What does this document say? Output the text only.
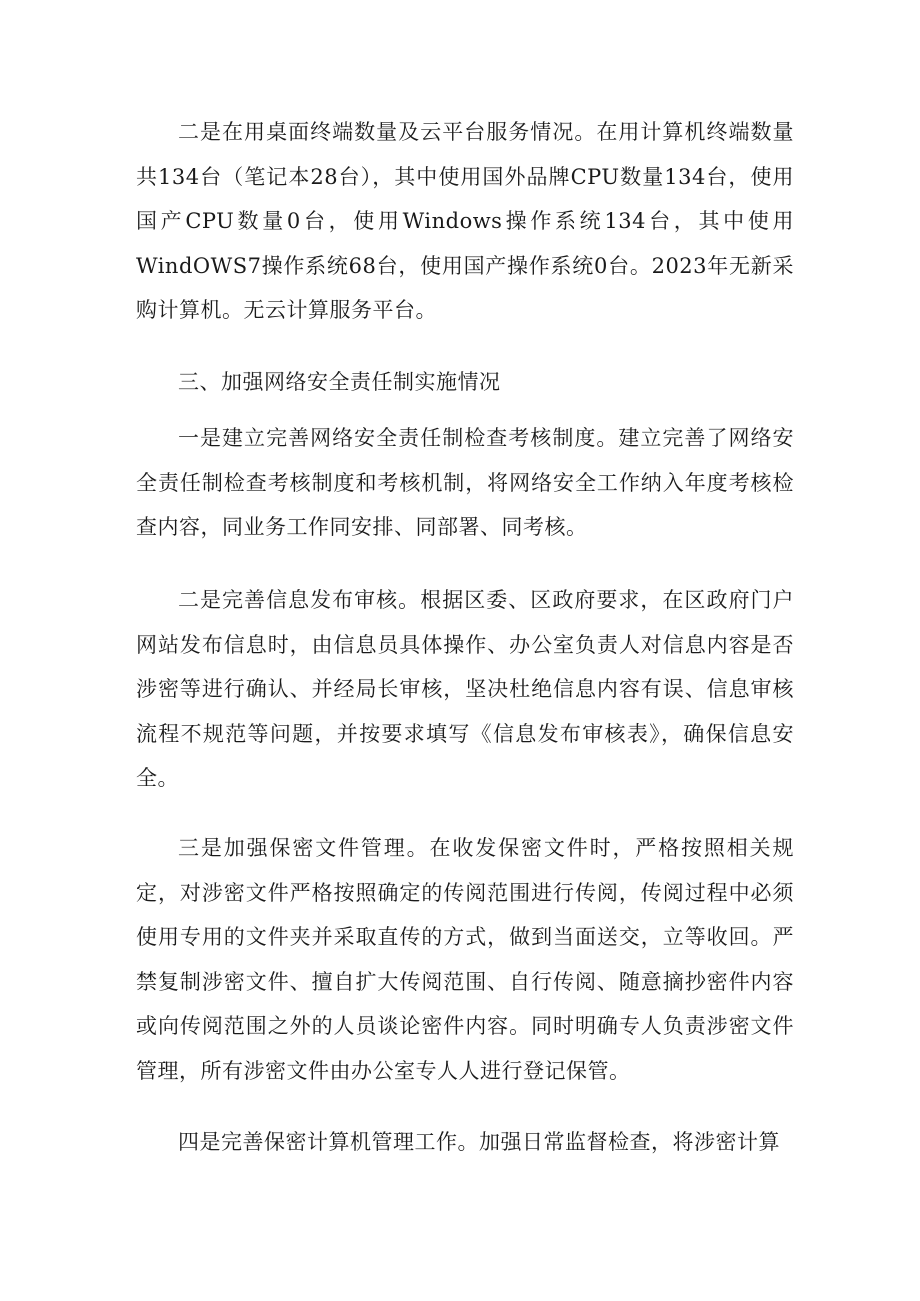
二是在用桌面终端数量及云平台服务情况。在用计算机终端数量共134台（笔记本28台），其中使用国外品牌CPU数量134台，使用国产CPU数量0台，使用Windows操作系统134台，其中使用WindOWS7操作系统68台，使用国产操作系统0台。2023年无新采购计算机。无云计算服务平台。

三、加强网络安全责任制实施情况

一是建立完善网络安全责任制检查考核制度。建立完善了网络安全责任制检查考核制度和考核机制，将网络安全工作纳入年度考核检查内容，同业务工作同安排、同部署、同考核。

二是完善信息发布审核。根据区委、区政府要求，在区政府门户网站发布信息时，由信息员具体操作、办公室负责人对信息内容是否涉密等进行确认、并经局长审核，坚决杜绝信息内容有误、信息审核流程不规范等问题，并按要求填写《信息发布审核表》，确保信息安全。

三是加强保密文件管理。在收发保密文件时，严格按照相关规定，对涉密文件严格按照确定的传阅范围进行传阅，传阅过程中必须使用专用的文件夹并采取直传的方式，做到当面送交，立等收回。严禁复制涉密文件、擅自扩大传阅范围、自行传阅、随意摘抄密件内容或向传阅范围之外的人员谈论密件内容。同时明确专人负责涉密文件管理，所有涉密文件由办公室专人人进行登记保管。

四是完善保密计算机管理工作。加强日常监督检查，将涉密计算
